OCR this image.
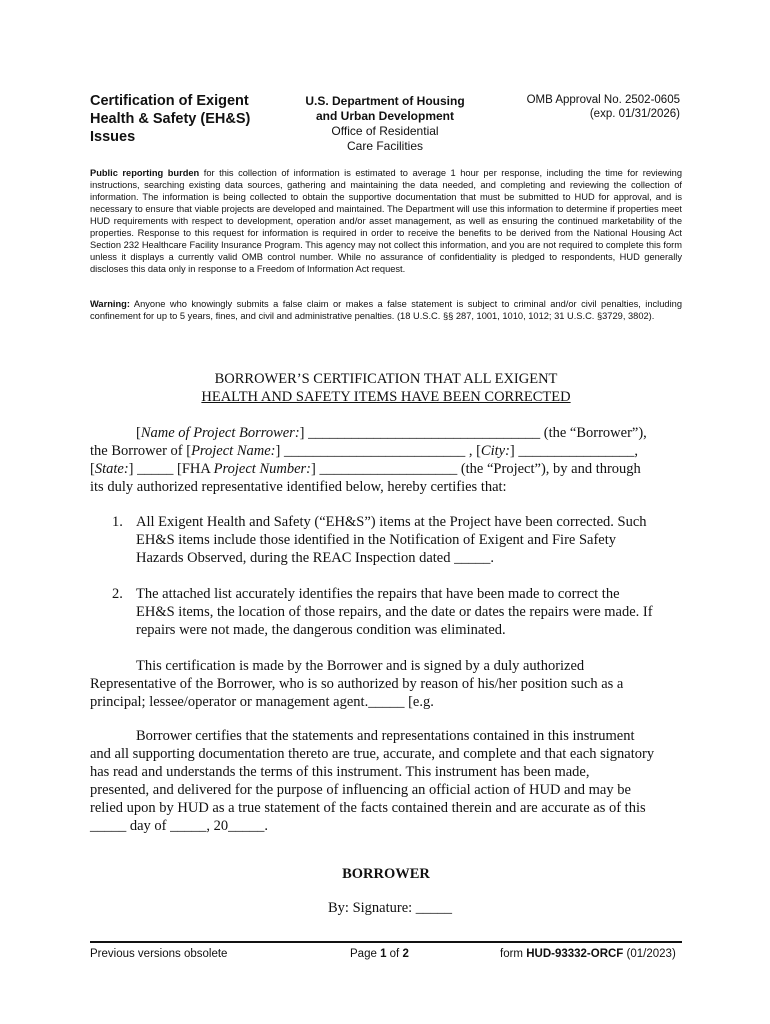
Certification of Exigent
Health & Safety (EH&S)
Issues
U.S. Department of Housing
and Urban Development
Office of Residential
Care Facilities
OMB Approval No. 2502-0605
(exp. 01/31/2026)
Public reporting burden for this collection of information is estimated to average 1 hour per response, including the time for reviewing instructions, searching existing data sources, gathering and maintaining the data needed, and completing and reviewing the collection of information. The information is being collected to obtain the supportive documentation that must be submitted to HUD for approval, and is necessary to ensure that viable projects are developed and maintained. The Department will use this information to determine if properties meet HUD requirements with respect to development, operation and/or asset management, as well as ensuring the continued marketability of the properties. Response to this request for information is required in order to receive the benefits to be derived from the National Housing Act Section 232 Healthcare Facility Insurance Program. This agency may not collect this information, and you are not required to complete this form unless it displays a currently valid OMB control number. While no assurance of confidentiality is pledged to respondents, HUD generally discloses this data only in response to a Freedom of Information Act request.
Warning: Anyone who knowingly submits a false claim or makes a false statement is subject to criminal and/or civil penalties, including confinement for up to 5 years, fines, and civil and administrative penalties. (18 U.S.C. §§ 287, 1001, 1010, 1012; 31 U.S.C. §3729, 3802).
BORROWER’S CERTIFICATION THAT ALL EXIGENT
HEALTH AND SAFETY ITEMS HAVE BEEN CORRECTED
[Name of Project Borrower:] ________________________________ (the “Borrower”),
the Borrower of [Project Name:] _________________________ , [City:] ________________,
[State:] _____ [FHA Project Number:] ___________________ (the “Project”), by and through
its duly authorized representative identified below, hereby certifies that:
1. All Exigent Health and Safety (“EH&S”) items at the Project have been corrected. Such
EH&S items include those identified in the Notification of Exigent and Fire Safety
Hazards Observed, during the REAC Inspection dated _____.
2. The attached list accurately identifies the repairs that have been made to correct the
EH&S items, the location of those repairs, and the date or dates the repairs were made. If
repairs were not made, the dangerous condition was eliminated.
This certification is made by the Borrower and is signed by a duly authorized
Representative of the Borrower, who is so authorized by reason of his/her position such as a
principal; lessee/operator or management agent._____ [e.g.
Borrower certifies that the statements and representations contained in this instrument
and all supporting documentation thereto are true, accurate, and complete and that each signatory
has read and understands the terms of this instrument. This instrument has been made,
presented, and delivered for the purpose of influencing an official action of HUD and may be
relied upon by HUD as a true statement of the facts contained therein and are accurate as of this
_____ day of _____, 20_____.
BORROWER
By: Signature: _____
Previous versions obsolete	Page 1 of 2	form HUD-93332-ORCF (01/2023)
